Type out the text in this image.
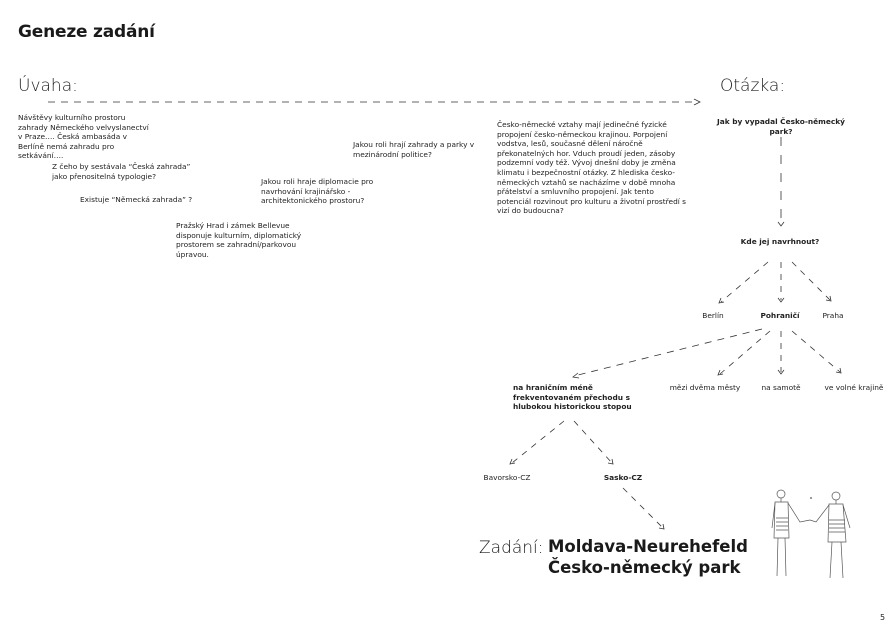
Geneze zadání
Úvaha:
Návštěvy kulturního prostoru zahrady Německého velvyslanectví v Praze…. Česká ambasáda v Berlíně nemá zahradu pro setkávání….
Z čeho by sestávala “Česká zahrada” jako přenositelná typologie?
Existuje “Německá zahrada” ?
Pražský Hrad i zámek Bellevue disponuje kulturním, diplomatický prostorem se zahradní/parkovou úpravou.
Jakou roli hraje diplomacie pro navrhování krajinářsko -architektonického prostoru?
Jakou roli hrají zahrady a parky v mezinárodní politice?
Česko-německé vztahy mají jedinečné fyzické propojení česko-německou krajinou. Porpojení vodstva, lesů, současné dělení náročně překonatelných hor. Vduch proudí jeden, zásoby podzemní vody též. Vývoj dnešní doby je změna klimatu i bezpečnostní otázky. Z hlediska česko-německých vztahů se nacházíme v době mnoha přátelství a smluvního propojení. Jak tento potenciál rozvinout pro kulturu a životní prostředí s vizí do budoucna?
Otázka:
Jak by vypadal Česko-německý park?
Kde jej navrhnout?
Berlín	Pohraničí	Praha
na hraničním méně frekventovaném přechodu s hlubokou historickou stopou
mězi dvěma městy	na samotě	ve volné krajině
Bavorsko-CZ	Sasko-CZ
Zadání: Moldava-Neurehefeld
Česko-německý park
5
